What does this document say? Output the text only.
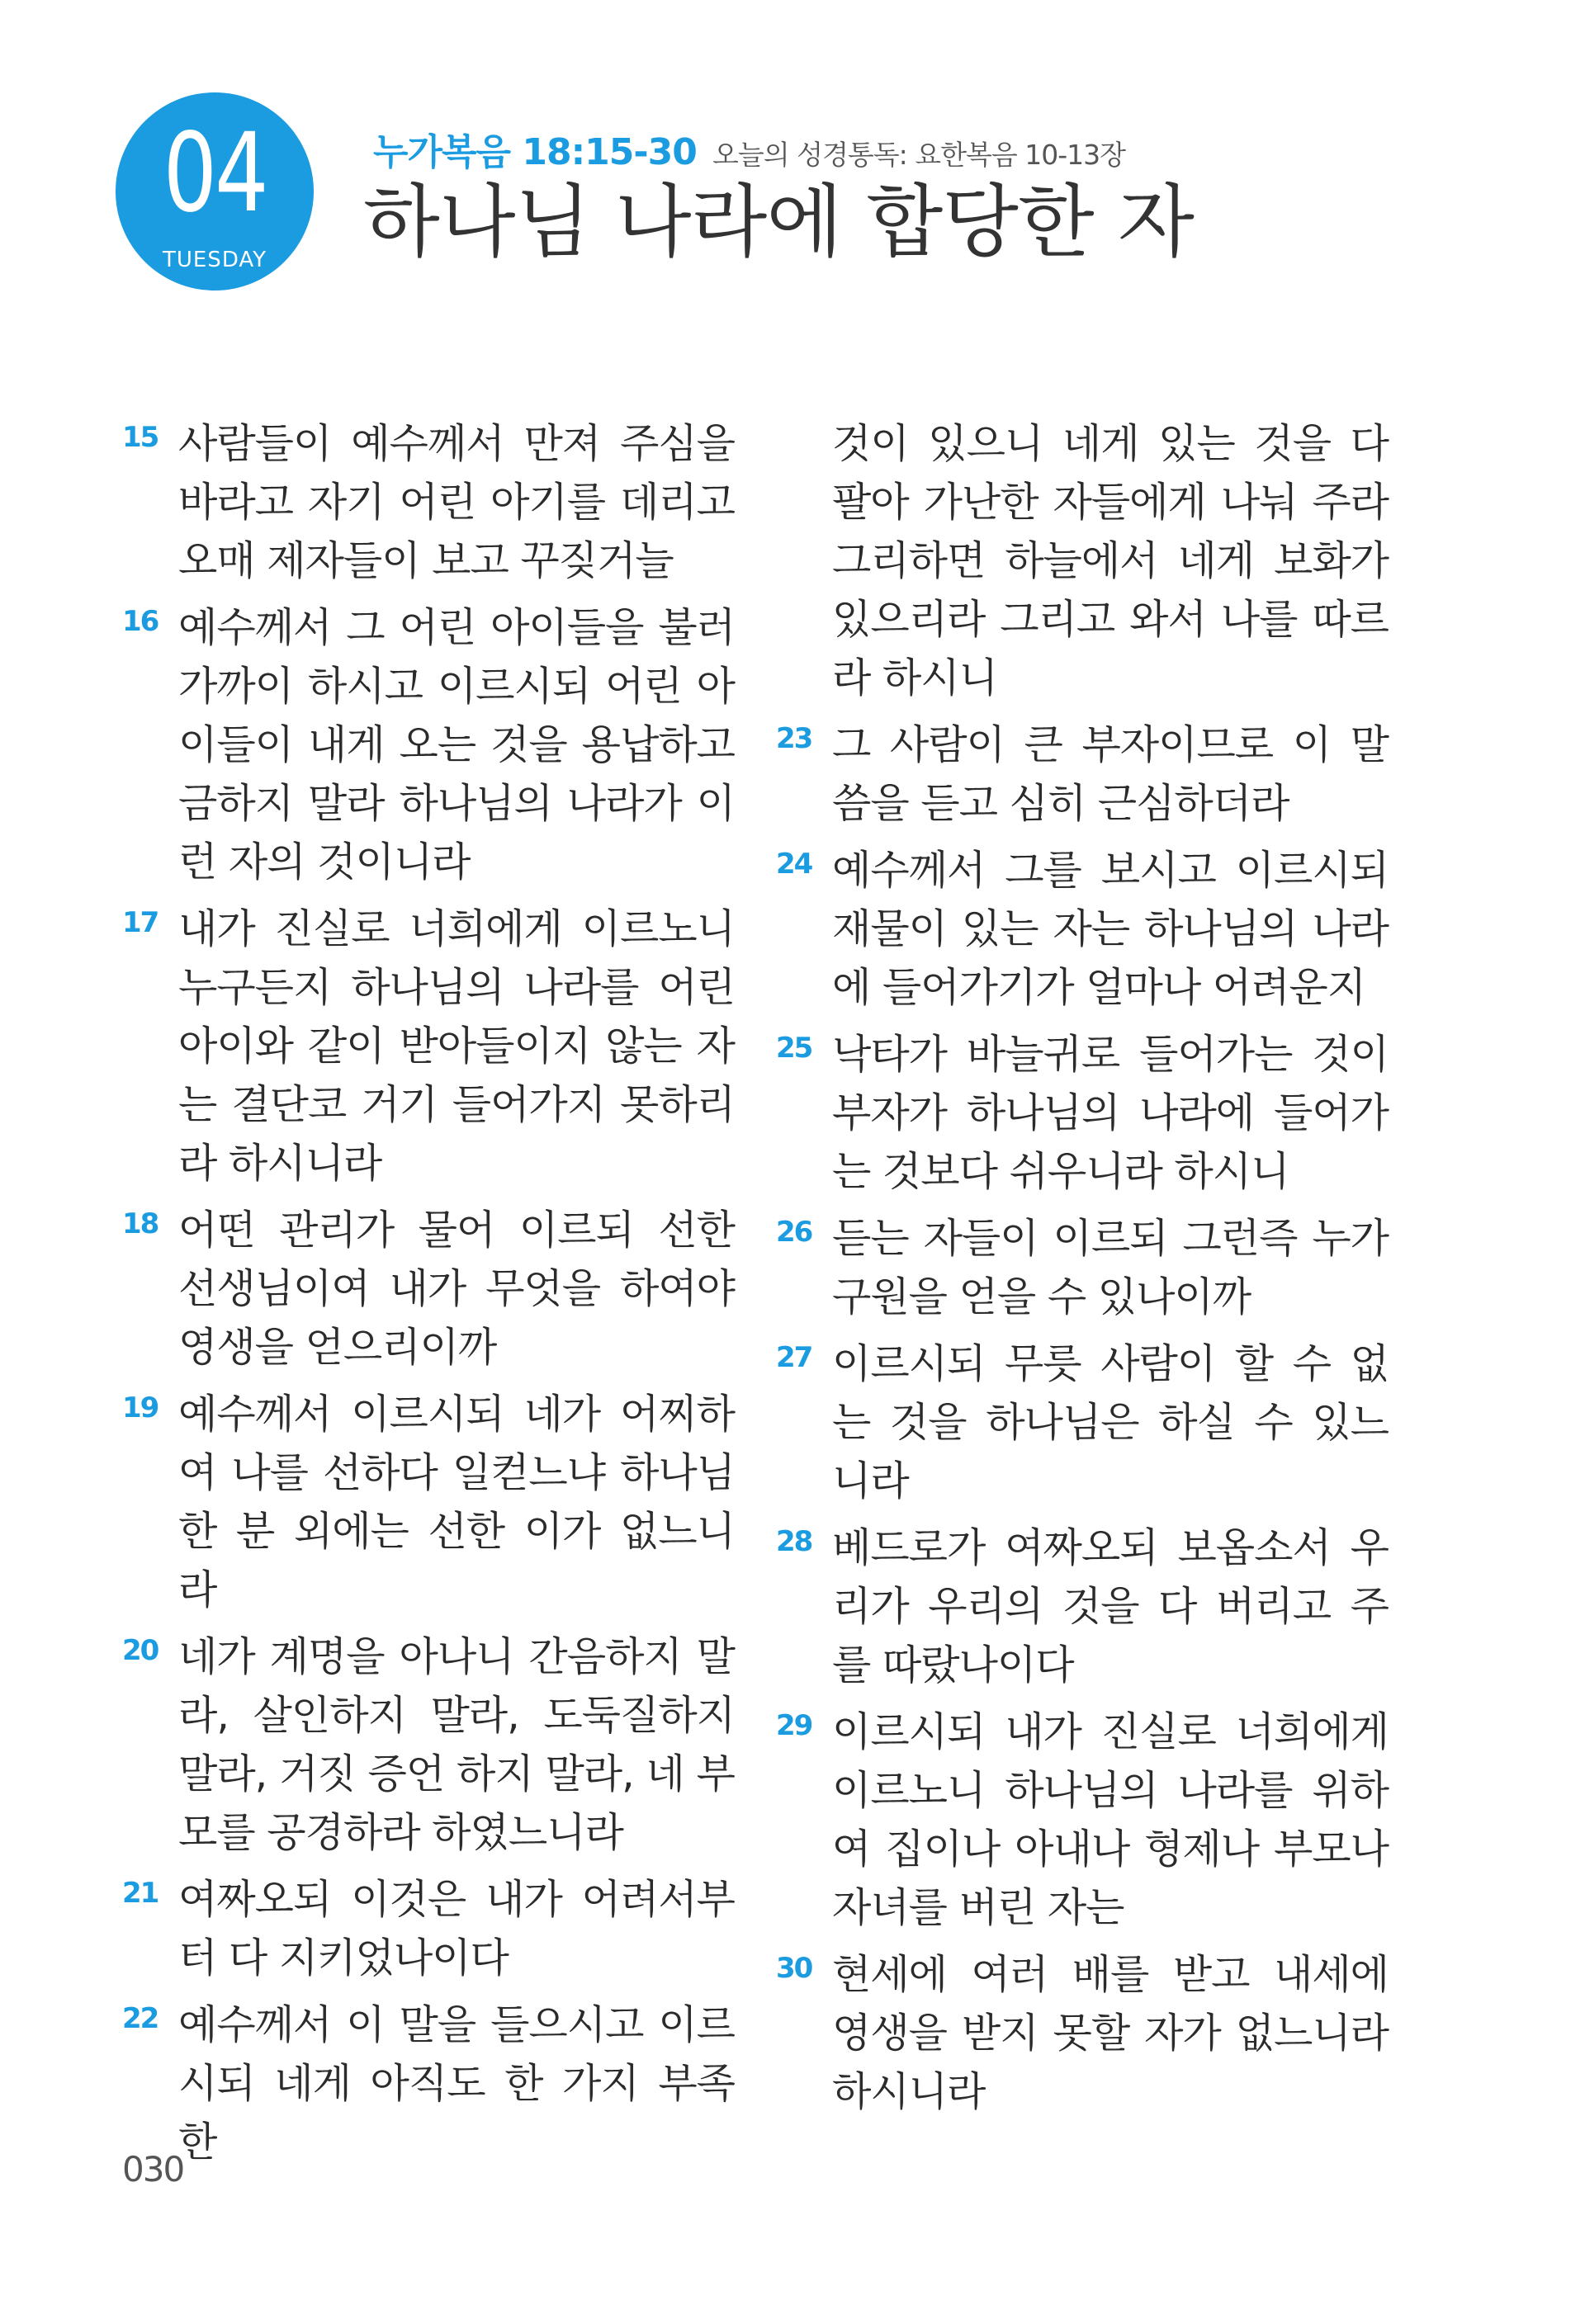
04
TUESDAY
누가복음 18:15-30 오늘의 성경통독: 요한복음 10-13장
하나님 나라에 합당한 자
15 사람들이 예수께서 만져 주심을 바라고 자기 어린 아기를 데리고 오매 제자들이 보고 꾸짖거늘
16 예수께서 그 어린 아이들을 불러 가까이 하시고 이르시되 어린 아이들이 내게 오는 것을 용납하고 금하지 말라 하나님의 나라가 이런 자의 것이니라
17 내가 진실로 너희에게 이르노니 누구든지 하나님의 나라를 어린 아이와 같이 받아들이지 않는 자는 결단코 거기 들어가지 못하리라 하시니라
18 어떤 관리가 물어 이르되 선한 선생님이여 내가 무엇을 하여야 영생을 얻으리이까
19 예수께서 이르시되 네가 어찌하여 나를 선하다 일컫느냐 하나님 한 분 외에는 선한 이가 없느니라
20 네가 계명을 아나니 간음하지 말라, 살인하지 말라, 도둑질하지 말라, 거짓 증언 하지 말라, 네 부모를 공경하라 하였느니라
21 여짜오되 이것은 내가 어려서부터 다 지키었나이다
22 예수께서 이 말을 들으시고 이르시되 네게 아직도 한 가지 부족한
것이 있으니 네게 있는 것을 다 팔아 가난한 자들에게 나눠 주라 그리하면 하늘에서 네게 보화가 있으리라 그리고 와서 나를 따르라 하시니
23 그 사람이 큰 부자이므로 이 말씀을 듣고 심히 근심하더라
24 예수께서 그를 보시고 이르시되 재물이 있는 자는 하나님의 나라에 들어가기가 얼마나 어려운지
25 낙타가 바늘귀로 들어가는 것이 부자가 하나님의 나라에 들어가는 것보다 쉬우니라 하시니
26 듣는 자들이 이르되 그런즉 누가 구원을 얻을 수 있나이까
27 이르시되 무릇 사람이 할 수 없는 것을 하나님은 하실 수 있느니라
28 베드로가 여짜오되 보옵소서 우리가 우리의 것을 다 버리고 주를 따랐나이다
29 이르시되 내가 진실로 너희에게 이르노니 하나님의 나라를 위하여 집이나 아내나 형제나 부모나 자녀를 버린 자는
30 현세에 여러 배를 받고 내세에 영생을 받지 못할 자가 없느니라 하시니라
030
